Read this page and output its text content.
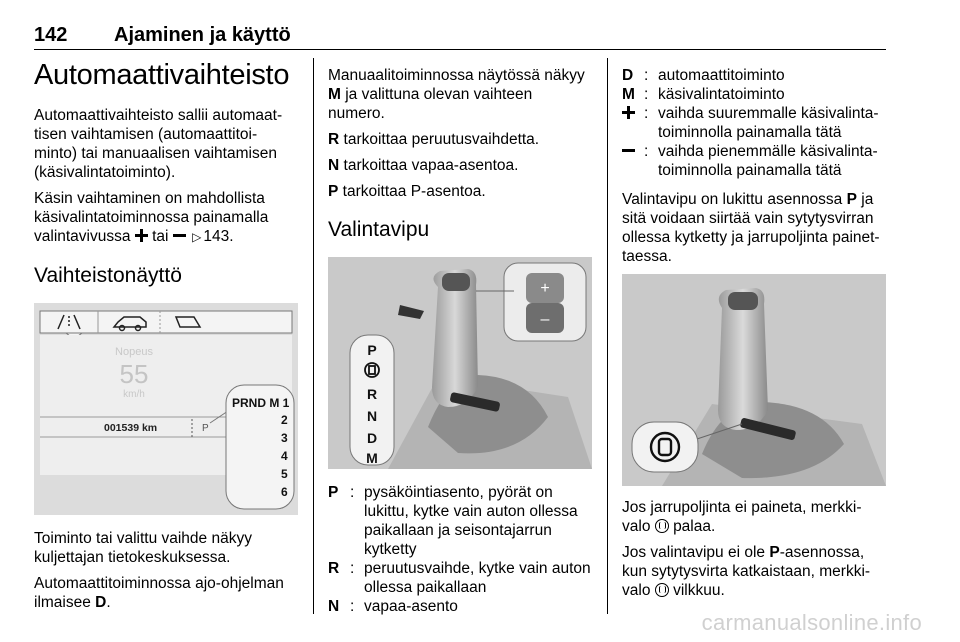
142 Ajaminen ja käyttö
Automaattivaihteisto

Automaattivaihteisto sallii automaat-tisen vaihtamisen (automaattitoi-minto) tai manuaalisen vaihtamisen (käsivalintatoiminto).

Käsin vaihtaminen on mahdollista käsivalintatoiminnossa painamalla valintavivussa tai ▷ 143.

Vaihteistonäyttö
Nopeus
55
km/h
001539 km	P
PRND M 1
2
3
4
5
6

Toiminto tai valittu vaihde näkyy kuljettajan tietokeskuksessa.

Automaattitoiminnossa ajo-ohjelman ilmaisee D.

Manuaalitoiminnossa näytössä näkyy M ja valittuna olevan vaihteen numero.

R tarkoittaa peruutusvaihdetta.

N tarkoittaa vapaa-asentoa.

P tarkoittaa P-asentoa.

Valintavipu
+
–
P
R
N
D
M
P : pysäköintiasento, pyörät on lukittu, kytke vain auton ollessa paikallaan ja seisontajarrun kytketty
R : peruutusvaihde, kytke vain auton ollessa paikallaan
N : vapaa-asento
D : automaattitoiminto
M : käsivalintatoiminto
: vaihda suuremmalle käsivalinta-toiminnolla painamalla tätä
: vaihda pienemmälle käsivalinta-toiminnolla painamalla tätä

Valintavipu on lukittu asennossa P ja sitä voidaan siirtää vain sytytysvirran ollessa kytketty ja jarrupoljinta painet-taessa.

Jos jarrupoljinta ei paineta, merkki-valo palaa.

Jos valintavipu ei ole P-asennossa, kun sytytysvirta katkaistaan, merkki-valo vilkkuu.

carmanualsonline.info
